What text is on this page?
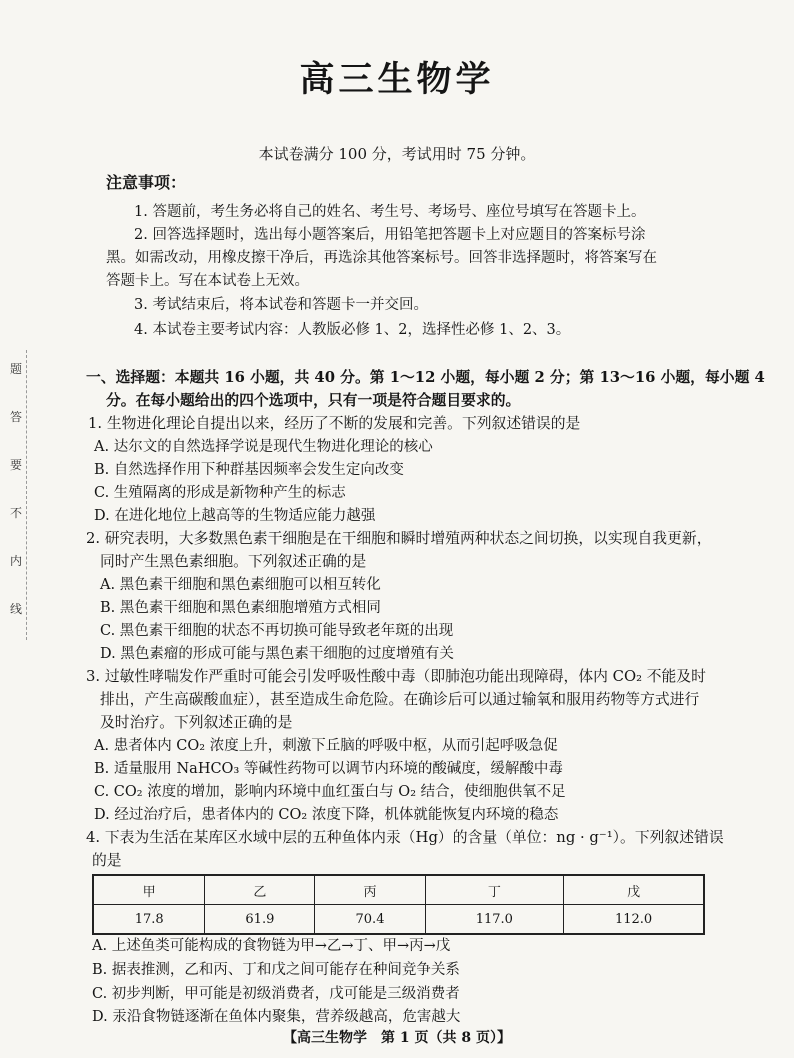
高三生物学
本试卷满分 100 分，考试用时 75 分钟。
注意事项：
1. 答题前，考生务必将自己的姓名、考生号、考场号、座位号填写在答题卡上。
2. 回答选择题时，选出每小题答案后，用铅笔把答题卡上对应题目的答案标号涂
黑。如需改动，用橡皮擦干净后，再选涂其他答案标号。回答非选择题时，将答案写在
答题卡上。写在本试卷上无效。
3. 考试结束后，将本试卷和答题卡一并交回。
4. 本试卷主要考试内容：人教版必修 1、2，选择性必修 1、2、3。
题
答
要
不
内
线
一、选择题：本题共 16 小题，共 40 分。第 1～12 小题，每小题 2 分；第 13～16 小题，每小题 4
分。在每小题给出的四个选项中，只有一项是符合题目要求的。
1. 生物进化理论自提出以来，经历了不断的发展和完善。下列叙述错误的是
A. 达尔文的自然选择学说是现代生物进化理论的核心
B. 自然选择作用下种群基因频率会发生定向改变
C. 生殖隔离的形成是新物种产生的标志
D. 在进化地位上越高等的生物适应能力越强
2. 研究表明，大多数黑色素干细胞是在干细胞和瞬时增殖两种状态之间切换，以实现自我更新，
同时产生黑色素细胞。下列叙述正确的是
A. 黑色素干细胞和黑色素细胞可以相互转化
B. 黑色素干细胞和黑色素细胞增殖方式相同
C. 黑色素干细胞的状态不再切换可能导致老年斑的出现
D. 黑色素瘤的形成可能与黑色素干细胞的过度增殖有关
3. 过敏性哮喘发作严重时可能会引发呼吸性酸中毒（即肺泡功能出现障碍，体内 CO₂ 不能及时
排出，产生高碳酸血症），甚至造成生命危险。在确诊后可以通过输氧和服用药物等方式进行
及时治疗。下列叙述正确的是
A. 患者体内 CO₂ 浓度上升，刺激下丘脑的呼吸中枢，从而引起呼吸急促
B. 适量服用 NaHCO₃ 等碱性药物可以调节内环境的酸碱度，缓解酸中毒
C. CO₂ 浓度的增加，影响内环境中血红蛋白与 O₂ 结合，使细胞供氧不足
D. 经过治疗后，患者体内的 CO₂ 浓度下降，机体就能恢复内环境的稳态
4. 下表为生活在某库区水域中层的五种鱼体内汞（Hg）的含量（单位：ng · g⁻¹）。下列叙述错误
甲	乙	丙	丁	戊
17.8	61.9	70.4	117.0	112.0
的是
A. 上述鱼类可能构成的食物链为甲→乙→丁、甲→丙→戊
B. 据表推测，乙和丙、丁和戊之间可能存在种间竞争关系
C. 初步判断，甲可能是初级消费者，戊可能是三级消费者
D. 汞沿食物链逐渐在鱼体内聚集，营养级越高，危害越大
【高三生物学　第 1 页（共 8 页）】
